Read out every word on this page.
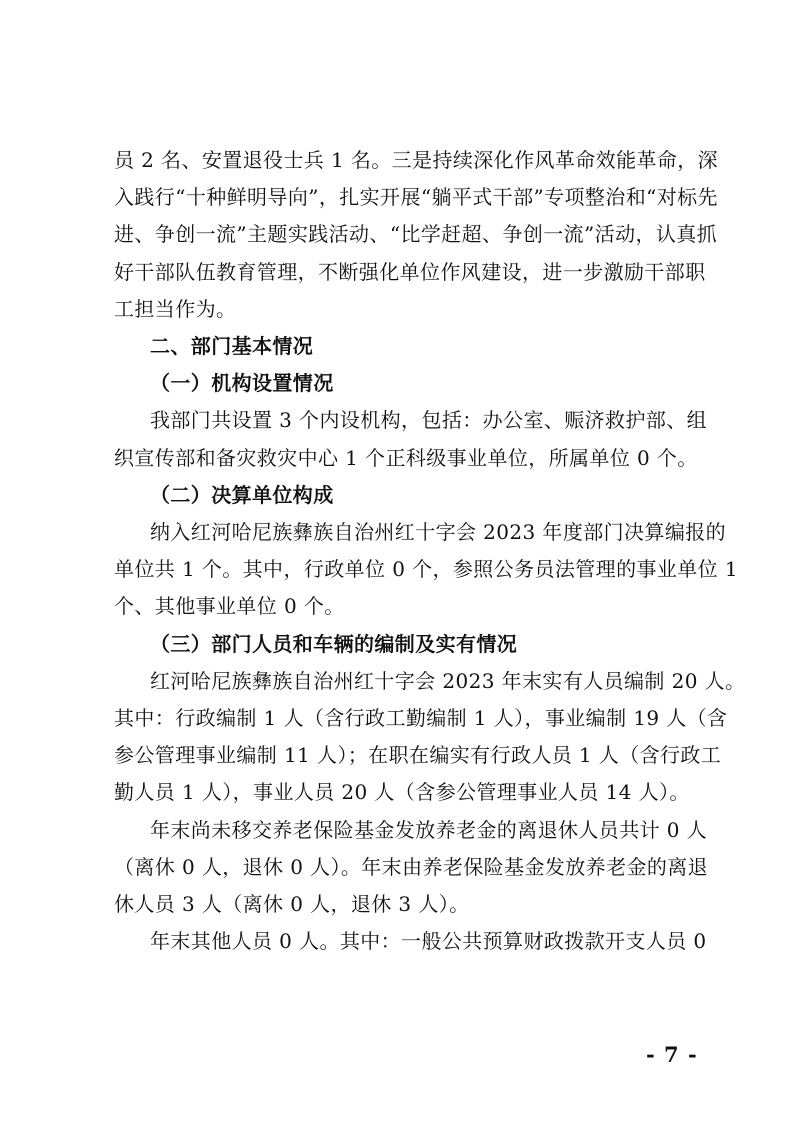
员 2 名、安置退役士兵 1 名。三是持续深化作风革命效能革命，深
入践行“十种鲜明导向”，扎实开展“躺平式干部”专项整治和“对标先
进、争创一流”主题实践活动、“比学赶超、争创一流”活动，认真抓
好干部队伍教育管理，不断强化单位作风建设，进一步激励干部职
工担当作为。
二、部门基本情况
（一）机构设置情况
我部门共设置 3 个内设机构，包括：办公室、赈济救护部、组
织宣传部和备灾救灾中心 1 个正科级事业单位，所属单位 0 个。
（二）决算单位构成
纳入红河哈尼族彝族自治州红十字会 2023 年度部门决算编报的
单位共 1 个。其中，行政单位 0 个，参照公务员法管理的事业单位 1
个、其他事业单位 0 个。
（三）部门人员和车辆的编制及实有情况
红河哈尼族彝族自治州红十字会 2023 年末实有人员编制 20 人。
其中：行政编制 1 人（含行政工勤编制 1 人），事业编制 19 人（含
参公管理事业编制 11 人）；在职在编实有行政人员 1 人（含行政工
勤人员 1 人），事业人员 20 人（含参公管理事业人员 14 人）。
年末尚未移交养老保险基金发放养老金的离退休人员共计 0 人
（离休 0 人，退休 0 人）。年末由养老保险基金发放养老金的离退
休人员 3 人（离休 0 人，退休 3 人）。
年末其他人员 0 人。其中：一般公共预算财政拨款开支人员 0
- 7 -
